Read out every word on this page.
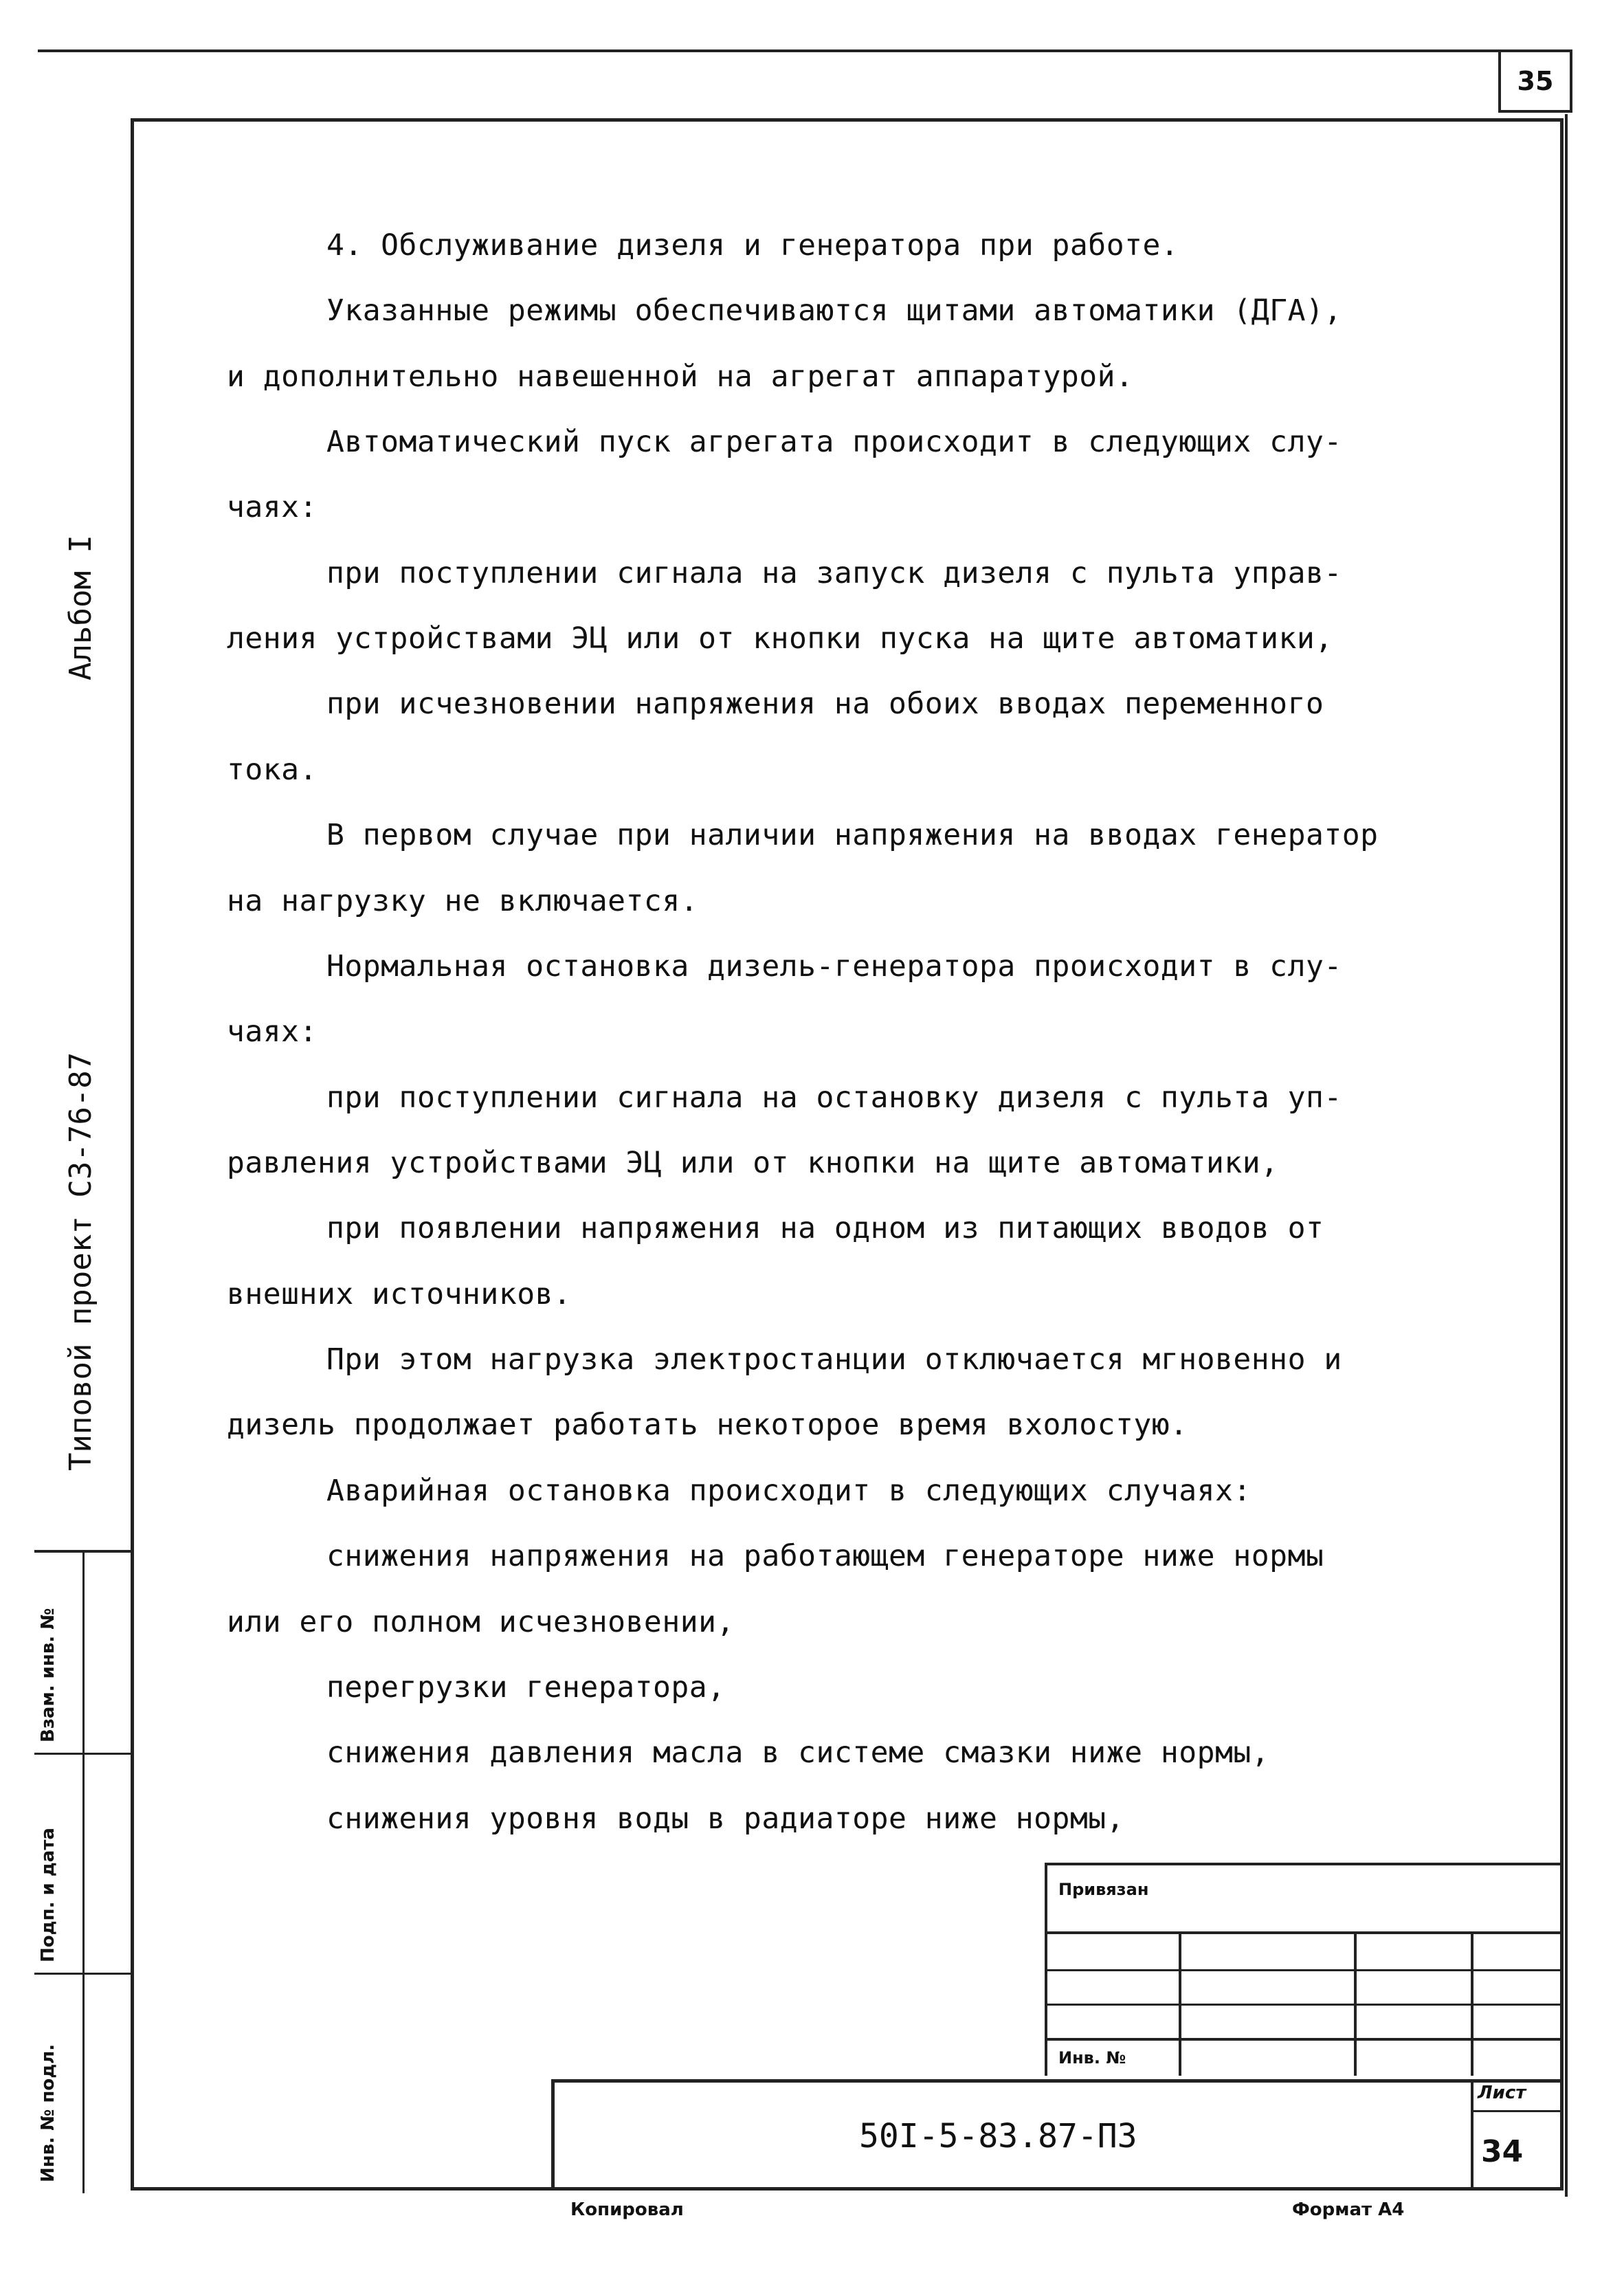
35
Альбом I
Типовой проект СЗ-76-87
Инв. № подл.
Подп. и дата
Взам. инв. №
4. Обслуживание дизеля и генератора при работе.
Указанные режимы обеспечиваются щитами автоматики (ДГА),
и дополнительно навешенной на агрегат аппаратурой.
Автоматический пуск агрегата происходит в следующих слу-
чаях:
при поступлении сигнала на запуск дизеля с пульта управ-
ления устройствами ЭЦ или от кнопки пуска на щите автоматики,
при исчезновении напряжения на обоих вводах переменного
тока.
В первом случае при наличии напряжения на вводах генератор
на нагрузку не включается.
Нормальная остановка дизель-генератора происходит в слу-
чаях:
при поступлении сигнала на остановку дизеля с пульта уп-
равления устройствами ЭЦ или от кнопки на щите автоматики,
при появлении напряжения на одном из питающих вводов от
внешних источников.
При этом нагрузка электростанции отключается мгновенно и
дизель продолжает работать некоторое время вхолостую.
Аварийная остановка происходит в следующих случаях:
снижения напряжения на работающем генераторе ниже нормы
или его полном исчезновении,
перегрузки генератора,
снижения давления масла в системе смазки ниже нормы,
снижения уровня воды в радиаторе ниже нормы,
Привязан
Инв. №
50I-5-83.87-ПЗ
Лист
34
Копировал	Формат А4
